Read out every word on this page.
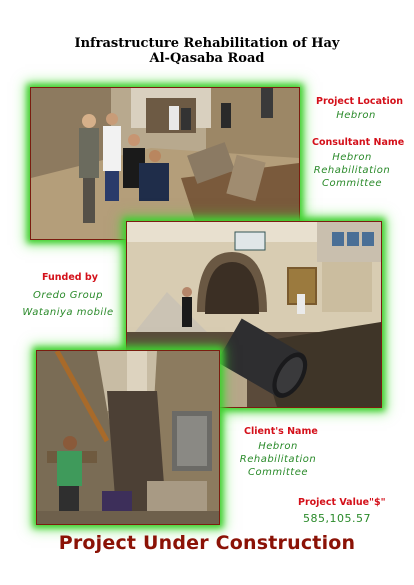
Infrastructure Rehabilitation of Hay
Al-Qasaba Road
Project Location
Hebron
Consultant Name
Hebron
Rehabilitation
Committee
Funded by
Oredo Group
Wataniya mobile
Client's Name
Hebron
Rehabilitation
Committee
Project Value"$"
585,105.57
Project Under Construction
